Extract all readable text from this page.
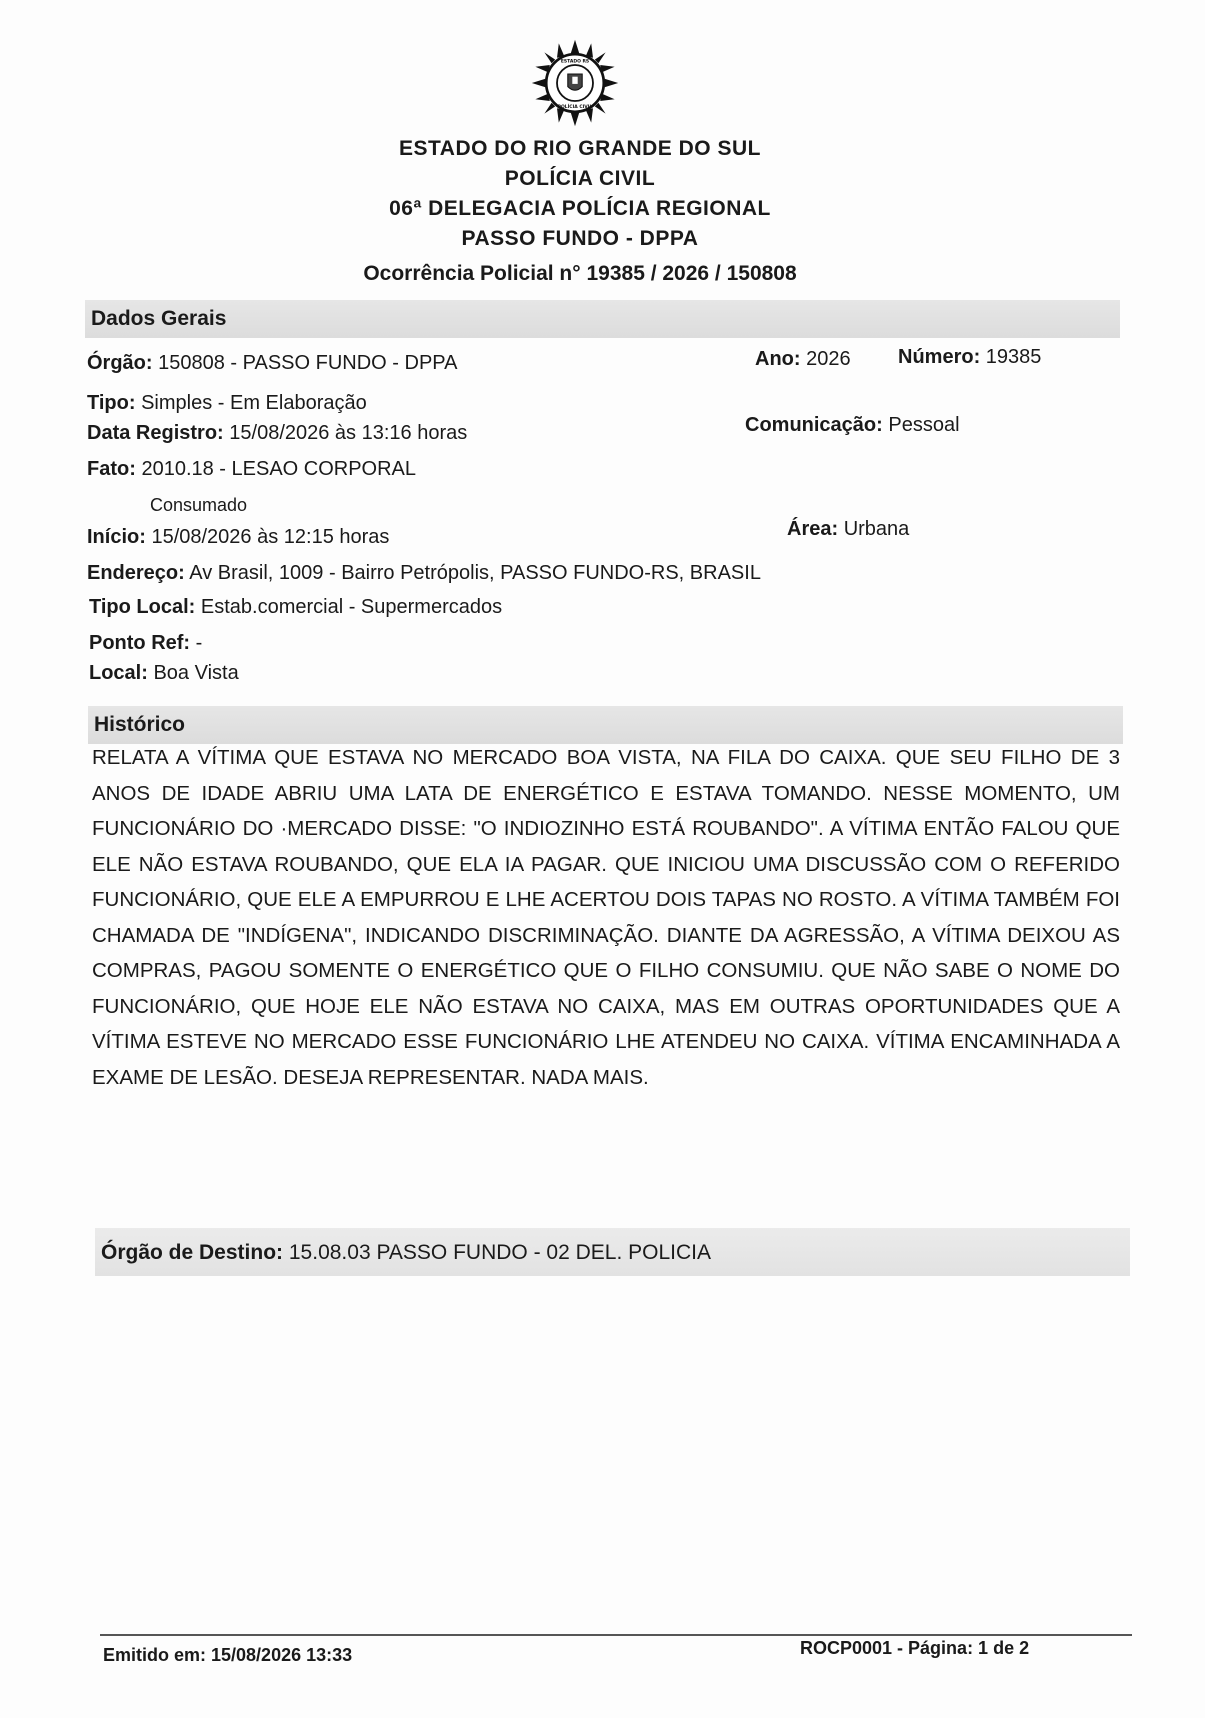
ESTADO RS
POLÍCIA CIVIL
ESTADO DO RIO GRANDE DO SUL
POLÍCIA CIVIL
06ª DELEGACIA POLÍCIA REGIONAL
PASSO FUNDO - DPPA
Ocorrência Policial n° 19385 / 2026 / 150808
Dados Gerais
Órgão: 150808 - PASSO FUNDO - DPPA	Ano: 2026 Número: 19385
Tipo: Simples - Em Elaboração
Data Registro: 15/08/2026 às 13:16 horas	Comunicação: Pessoal
Fato: 2010.18 - LESAO CORPORAL
Consumado
Início: 15/08/2026 às 12:15 horas	Área: Urbana
Endereço: Av Brasil, 1009 - Bairro Petrópolis, PASSO FUNDO-RS, BRASIL
Tipo Local: Estab.comercial - Supermercados
Ponto Ref: -
Local: Boa Vista
Histórico
RELATA A VÍTIMA QUE ESTAVA NO MERCADO BOA VISTA, NA FILA DO CAIXA. QUE SEU FILHO DE 3 ANOS DE IDADE ABRIU UMA LATA DE ENERGÉTICO E ESTAVA TOMANDO. NESSE MOMENTO, UM FUNCIONÁRIO DO ·MERCADO DISSE: "O INDIOZINHO ESTÁ ROUBANDO". A VÍTIMA ENTÃO FALOU QUE ELE NÃO ESTAVA ROUBANDO, QUE ELA IA PAGAR. QUE INICIOU UMA DISCUSSÃO COM O REFERIDO FUNCIONÁRIO, QUE ELE A EMPURROU E LHE ACERTOU DOIS TAPAS NO ROSTO. A VÍTIMA TAMBÉM FOI CHAMADA DE "INDÍGENA", INDICANDO DISCRIMINAÇÃO. DIANTE DA AGRESSÃO, A VÍTIMA DEIXOU AS COMPRAS, PAGOU SOMENTE O ENERGÉTICO QUE O FILHO CONSUMIU. QUE NÃO SABE O NOME DO FUNCIONÁRIO, QUE HOJE ELE NÃO ESTAVA NO CAIXA, MAS EM OUTRAS OPORTUNIDADES QUE A VÍTIMA ESTEVE NO MERCADO ESSE FUNCIONÁRIO LHE ATENDEU NO CAIXA. VÍTIMA ENCAMINHADA A EXAME DE LESÃO. DESEJA REPRESENTAR. NADA MAIS.
Órgão de Destino: 15.08.03 PASSO FUNDO - 02 DEL. POLICIA
Emitido em: 15/08/2026 13:33	ROCP0001 - Página: 1 de 2
